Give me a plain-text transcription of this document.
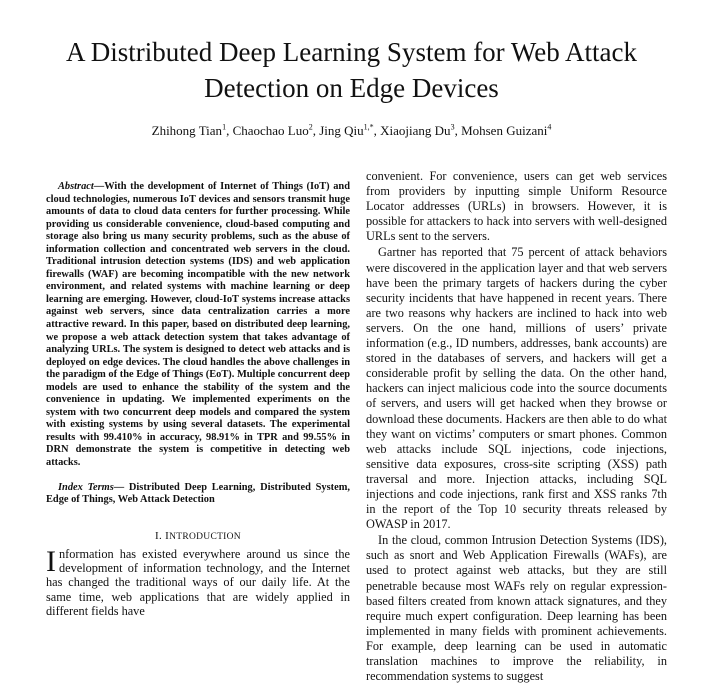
A Distributed Deep Learning System for Web Attack Detection on Edge Devices
Zhihong Tian$^1$, Chaochao Luo$^2$, Jing Qiu$^{1,*}$, Xiaojiang Du$^3$, Mohsen Guizani$^4$

Abstract—With the development of Internet of Things (IoT) and cloud technologies, numerous IoT devices and sensors transmit huge amounts of data to cloud data centers for further processing. While providing us considerable convenience, cloud-based computing and storage also bring us many security problems, such as the abuse of information collection and concentrated web servers in the cloud. Traditional intrusion detection systems (IDS) and web application firewalls (WAF) are becoming incompatible with the new network environment, and related systems with machine learning or deep learning are emerging. However, cloud-IoT systems increase attacks against web servers, since data centralization carries a more attractive reward. In this paper, based on distributed deep learning, we propose a web attack detection system that takes advantage of analyzing URLs. The system is designed to detect web attacks and is deployed on edge devices. The cloud handles the above challenges in the paradigm of the Edge of Things (EoT). Multiple concurrent deep models are used to enhance the stability of the system and the convenience in updating. We implemented experiments on the system with two concurrent deep models and compared the system with existing systems by using several datasets. The experimental results with 99.410% in accuracy, 98.91% in TPR and 99.55% in DRN demonstrate the system is competitive in detecting web attacks.

Index Terms— Distributed Deep Learning, Distributed System, Edge of Things, Web Attack Detection

I. INTRODUCTION

Information has existed everywhere around us since the development of information technology, and the Internet has changed the traditional ways of our daily life. At the same time, web applications that are widely applied in different fields have

convenient. For convenience, users can get web services from providers by inputting simple Uniform Resource Locator addresses (URLs) in browsers. However, it is possible for attackers to hack into servers with well-designed URLs sent to the servers.

Gartner has reported that 75 percent of attack behaviors were discovered in the application layer and that web servers have been the primary targets of hackers during the cyber security incidents that have happened in recent years. There are two reasons why hackers are inclined to hack into web servers. On the one hand, millions of users’ private information (e.g., ID numbers, addresses, bank accounts) are stored in the databases of servers, and hackers will get a considerable profit by selling the data. On the other hand, hackers can inject malicious code into the source documents of servers, and users will get hacked when they browse or download these documents. Hackers are then able to do what they want on victims’ computers or smart phones. Common web attacks include SQL injections, code injections, sensitive data exposures, cross-site scripting (XSS) path traversal and more. Injection attacks, including SQL injections and code injections, rank first and XSS ranks 7th in the report of the Top 10 security threats released by OWASP in 2017.

In the cloud, common Intrusion Detection Systems (IDS), such as snort and Web Application Firewalls (WAFs), are used to protect against web attacks, but they are still penetrable because most WAFs rely on regular expression-based filters created from known attack signatures, and they require much expert configuration. Deep learning has been implemented in many fields with prominent achievements. For example, deep learning can be used in automatic translation machines to improve the reliability, in recommendation systems to suggest
